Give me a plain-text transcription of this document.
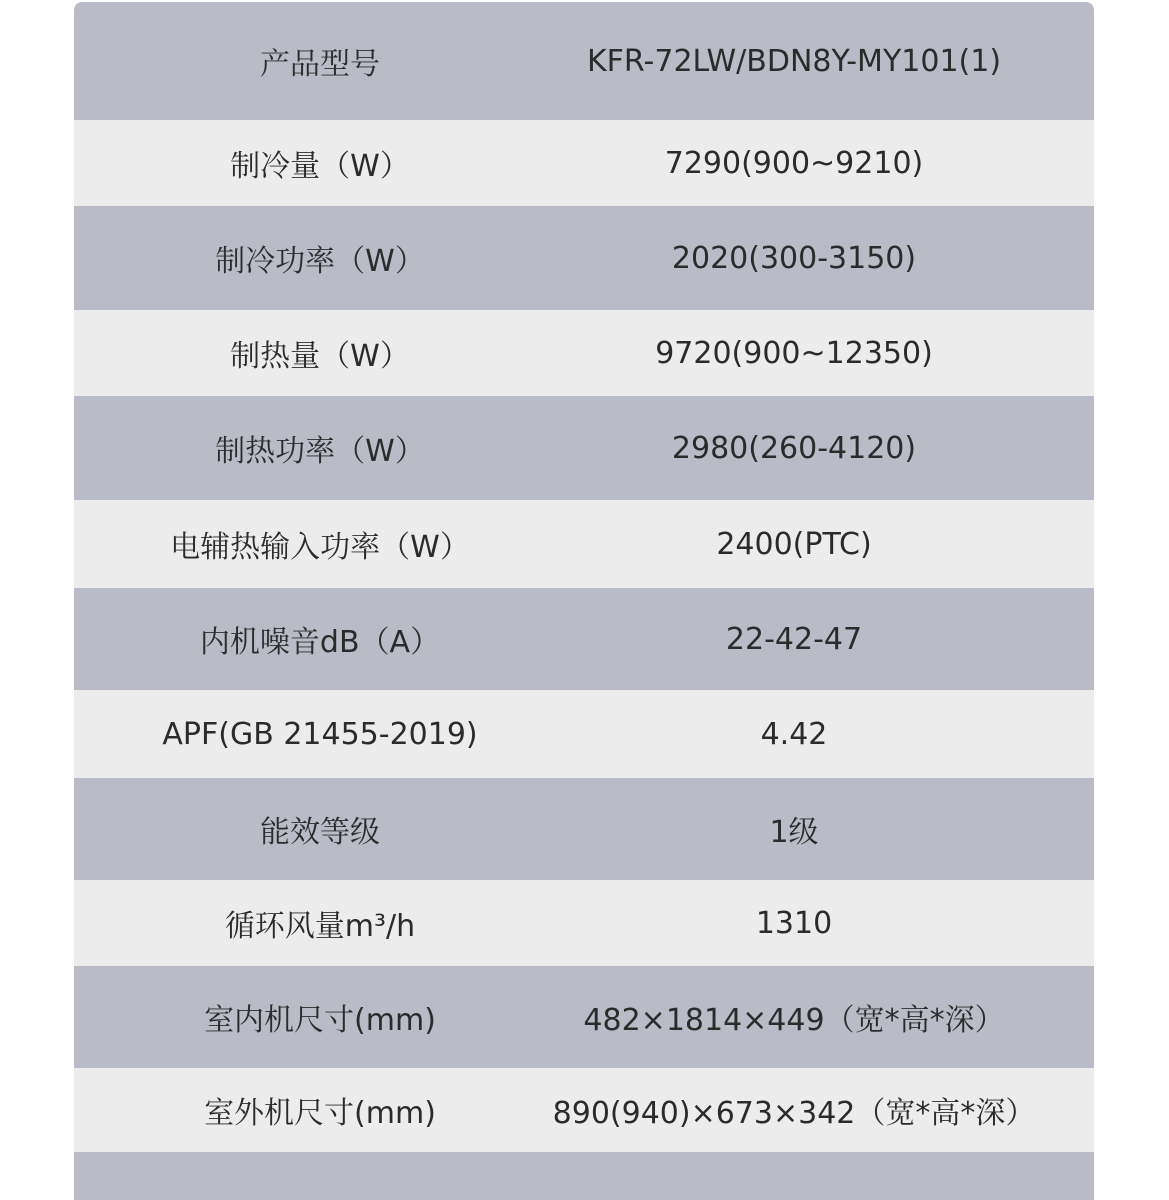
产品型号	KFR-72LW/BDN8Y-MY101(1)
制冷量（W）	7290(900~9210)
制冷功率（W）	2020(300-3150)
制热量（W）	9720(900~12350)
制热功率（W）	2980(260-4120)
电辅热输入功率（W）	2400(PTC)
内机噪音dB（A）	22-42-47
APF(GB 21455-2019)	4.42
能效等级	1级
循环风量m³/h	1310
室内机尺寸(mm)	482×1814×449（宽*高*深）
室外机尺寸(mm)	890(940)×673×342（宽*高*深）
